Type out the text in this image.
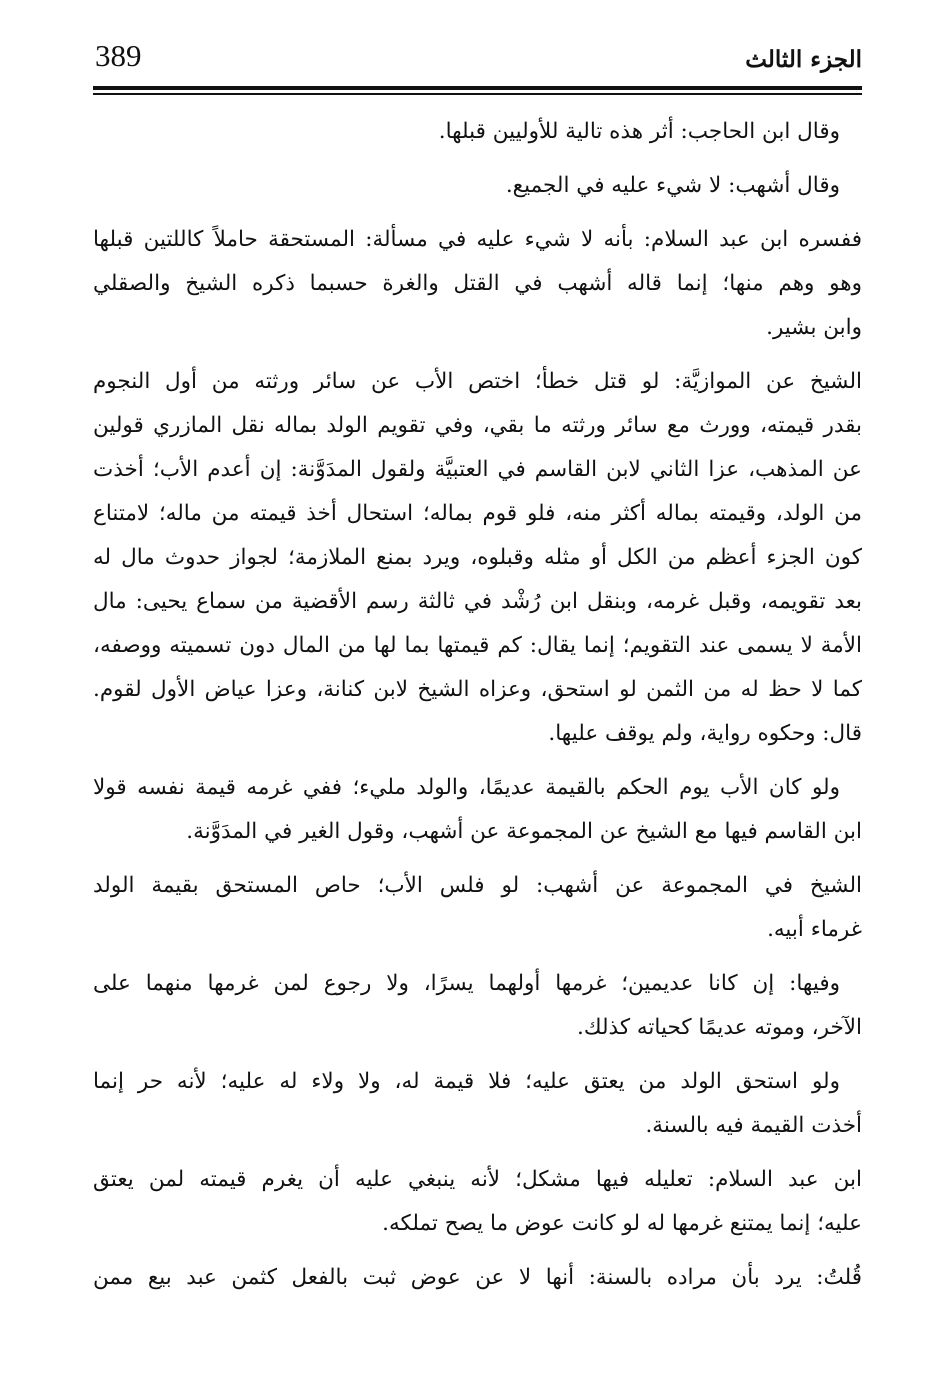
389	الجزء الثالث
وقال ابن الحاجب: أثر هذه تالية للأوليين قبلها.
وقال أشهب: لا شيء عليه في الجميع.
ففسره ابن عبد السلام: بأنه لا شيء عليه في مسألة: المستحقة حاملاً كاللتين قبلها
وهو وهم منها؛ إنما قاله أشهب في القتل والغرة حسبما ذكره الشيخ والصقلي
وابن بشير.
الشيخ عن الموازيَّة: لو قتل خطأ؛ اختص الأب عن سائر ورثته من أول النجوم
بقدر قيمته، وورث مع سائر ورثته ما بقي، وفي تقويم الولد بماله نقل المازري قولين
عن المذهب، عزا الثاني لابن القاسم في العتبيَّة ولقول المدَوَّنة: إن أعدم الأب؛ أخذت
من الولد، وقيمته بماله أكثر منه، فلو قوم بماله؛ استحال أخذ قيمته من ماله؛ لامتناع
كون الجزء أعظم من الكل أو مثله وقبلوه، ويرد بمنع الملازمة؛ لجواز حدوث مال له
بعد تقويمه، وقبل غرمه، وبنقل ابن رُشْد في ثالثة رسم الأقضية من سماع يحيى: مال
الأمة لا يسمى عند التقويم؛ إنما يقال: كم قيمتها بما لها من المال دون تسميته ووصفه،
كما لا حظ له من الثمن لو استحق، وعزاه الشيخ لابن كنانة، وعزا عياض الأول لقوم.
قال: وحكوه رواية، ولم يوقف عليها.
ولو كان الأب يوم الحكم بالقيمة عديمًا، والولد مليء؛ ففي غرمه قيمة نفسه قولا
ابن القاسم فيها مع الشيخ عن المجموعة عن أشهب، وقول الغير في المدَوَّنة.
الشيخ في المجموعة عن أشهب: لو فلس الأب؛ حاص المستحق بقيمة الولد
غرماء أبيه.
وفيها: إن كانا عديمين؛ غرمها أولهما يسرًا، ولا رجوع لمن غرمها منهما على
الآخر، وموته عديمًا كحياته كذلك.
ولو استحق الولد من يعتق عليه؛ فلا قيمة له، ولا ولاء له عليه؛ لأنه حر إنما
أخذت القيمة فيه بالسنة.
ابن عبد السلام: تعليله فيها مشكل؛ لأنه ينبغي عليه أن يغرم قيمته لمن يعتق
عليه؛ إنما يمتنع غرمها له لو كانت عوض ما يصح تملكه.
قُلتُ: يرد بأن مراده بالسنة: أنها لا عن عوض ثبت بالفعل كثمن عبد بيع ممن
